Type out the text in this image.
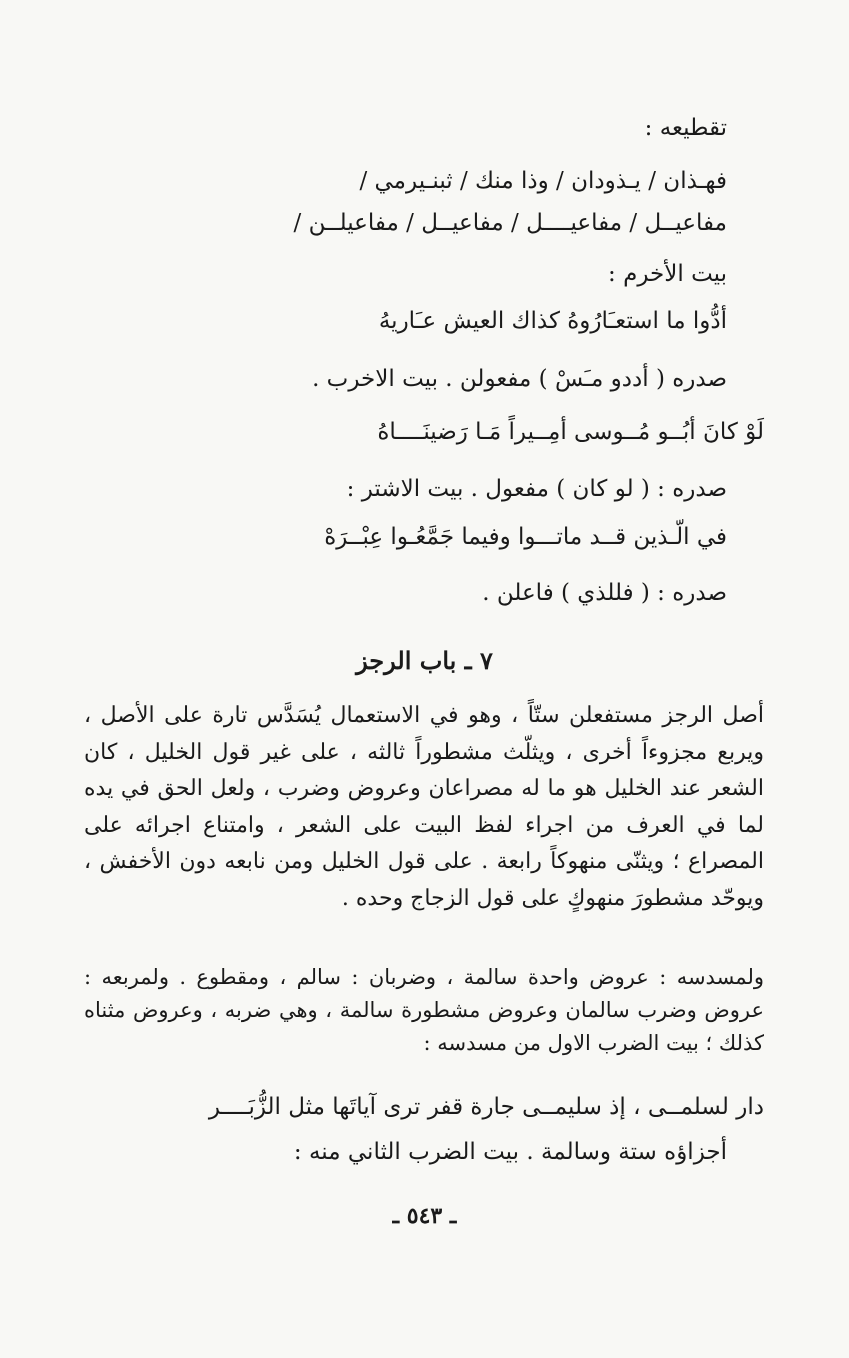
تقطيعه :
فهـذان / يـذودان / وذا منك / ثبنـيرمي /
مفاعيــل / مفاعيــــل / مفاعيــل / مفاعيلــن /
بيت الأخرم :
أدُّوا ما استعـَارُوهُ كذاك العيش عـَاريهُ
صدره ( أددو مـَسْ ) مفعولن . بيت الاخرب .
لَوْ كانَ أبُــو مُــوسى أمِــيراً مَـا رَضينَــــاهُ
صدره : ( لو كان ) مفعول . بيت الاشتر :
في الّـذين قــد ماتـــوا وفيما جَمَّعُـوا عِبْــرَهْ
صدره : ( فللذي ) فاعلن .
٧ ـ باب الرجز
أصل الرجز مستفعلن ستّاً ، وهو في الاستعمال يُسَدَّس تارة على الأصل ، ويربع مجزوءاً أخرى ، ويثلّث مشطوراً ثالثه ، على غير قول الخليل ، كان الشعر عند الخليل هو ما له مصراعان وعروض وضرب ، ولعل الحق في يده لما في العرف من اجراء لفظ البيت على الشعر ، وامتناع اجرائه على المصراع ؛ ويثنّى منهوكاً رابعة . على قول الخليل ومن نابعه دون الأخفش ، ويوحّد مشطورَ منهوكٍ على قول الزجاج وحده .
ولمسدسه : عروض واحدة سالمة ، وضربان : سالم ، ومقطوع . ولمربعه : عروض وضرب سالمان وعروض مشطورة سالمة ، وهي ضربه ، وعروض مثناه كذلك ؛ بيت الضرب الاول من مسدسه :
دار لسلمــى ، إذ سليمــى جارة قفر ترى آياتَها مثل الزُّبَــــر
أجزاؤه ستة وسالمة . بيت الضرب الثاني منه :
ـ ٥٤٣ ـ
